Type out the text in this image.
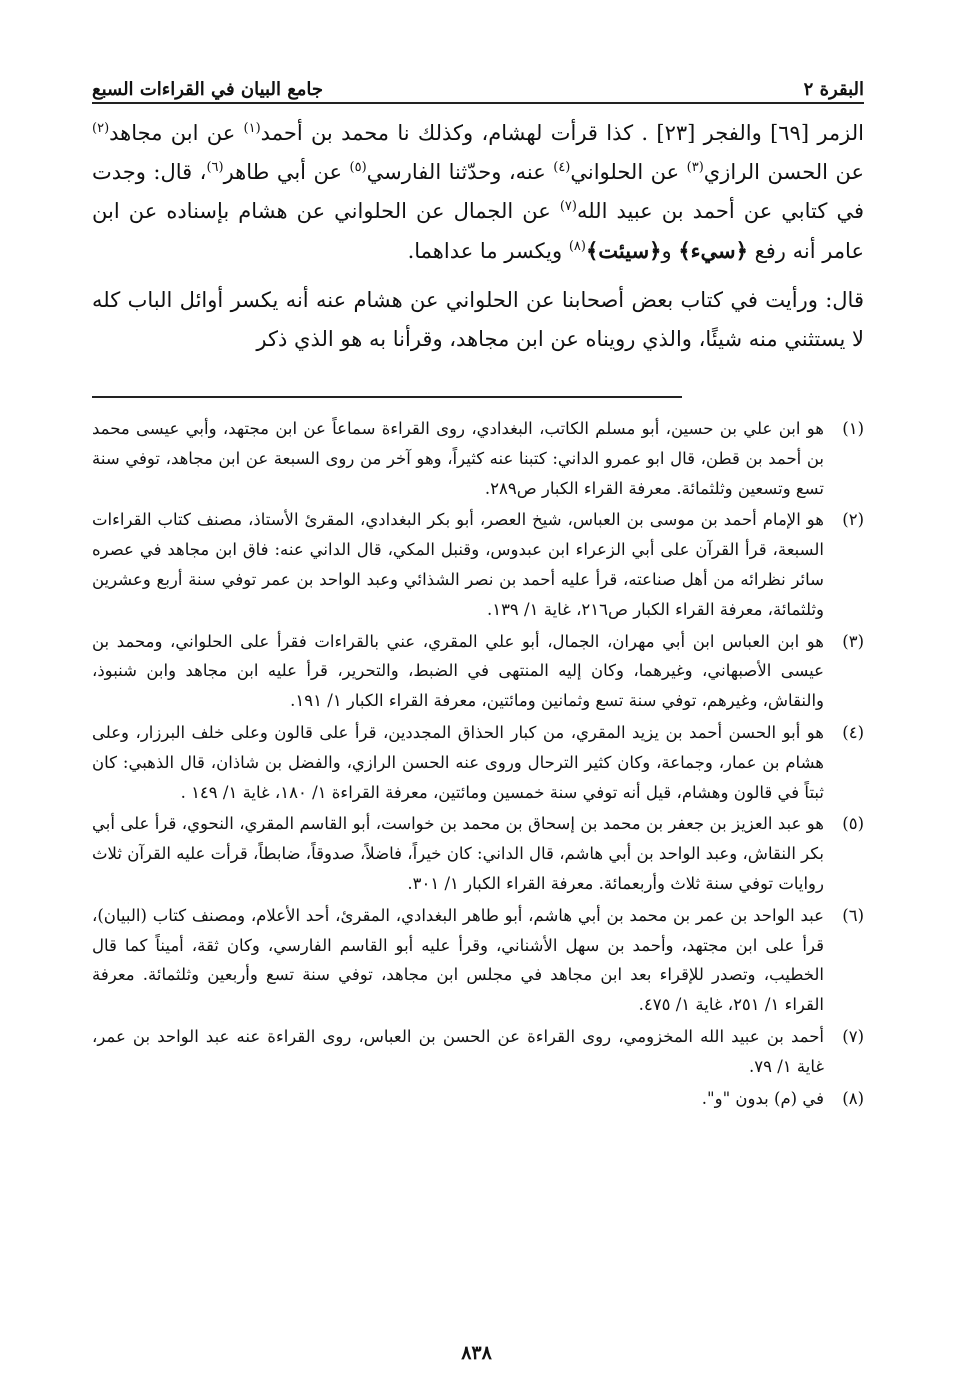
البقرة ٢
جامع البيان في القراءات السبع

الزمر [٦٩] والفجر [٢٣] . كذا قرأت لهشام، وكذلك نا محمد بن أحمد$^{(١)}$ عن ابن مجاهد$^{(٢)}$ عن الحسن الرازي$^{(٣)}$ عن الحلواني$^{(٤)}$ عنه، وحدّثنا الفارسي$^{(٥)}$ عن أبي طاهر$^{(٦)}$، قال: وجدت في كتابي عن أحمد بن عبيد الله$^{(٧)}$ عن الجمال عن الحلواني عن هشام بإسناده عن ابن عامر أنه رفع ﴿سيء﴾ و﴿سيئت﴾$^{(٨)}$ ويكسر ما عداهما.

قال: ورأيت في كتاب بعض أصحابنا عن الحلواني عن هشام عنه أنه يكسر أوائل الباب كله لا يستثني منه شيئًا، والذي رويناه عن ابن مجاهد، وقرأنا به هو الذي ذكر

(١)
هو ابن علي بن حسين، أبو مسلم الكاتب، البغدادي، روى القراءة سماعاً عن ابن مجتهد، وأبي عيسى محمد بن أحمد بن قطن، قال ابو عمرو الداني: كتبنا عنه كثيراً، وهو آخر من روى السبعة عن ابن مجاهد، توفي سنة تسع وتسعين وثلثمائة. معرفة القراء الكبار ص٢٨٩.
(٢)
هو الإمام أحمد بن موسى بن العباس، شيخ العصر، أبو بكر البغدادي، المقرئ الأستاذ، مصنف كتاب القراءات السبعة، قرأ القرآن على أبي الزعراء ابن عبدوس، وقنبل المكي، قال الداني عنه: فاق ابن مجاهد في عصره سائر نظرائه من أهل صناعته، قرأ عليه أحمد بن نصر الشذائي وعبد الواحد بن عمر توفي سنة أربع وعشرين وثلثمائة، معرفة القراء الكبار ص٢١٦، غاية ١/ ١٣٩.
(٣)
هو ابن العباس ابن أبي مهران، الجمال، أبو علي المقري، عني بالقراءات فقرأ على الحلواني، ومحمد بن عيسى الأصبهاني، وغيرهما، وكان إليه المنتهى في الضبط، والتحرير، قرأ عليه ابن مجاهد وابن شنبوذ، والنقاش، وغيرهم، توفي سنة تسع وثمانين ومائتين، معرفة القراء الكبار ١/ ١٩١.
(٤)
هو أبو الحسن أحمد بن يزيد المقري، من كبار الحذاق المجددين، قرأ على قالون وعلى خلف البرزار، وعلى هشام بن عمار، وجماعة، وكان كثير الترحال وروى عنه الحسن الرازي، والفضل بن شاذان، قال الذهبي: كان ثبتاً في قالون وهشام، قيل أنه توفي سنة خمسين ومائتين، معرفة القراءة ١/ ١٨٠، غاية ١/ ١٤٩ .
(٥)
هو عبد العزيز بن جعفر بن محمد بن إسحاق بن محمد بن خواست، أبو القاسم المقري، النحوي، قرأ على أبي بكر النقاش، وعبد الواحد بن أبي هاشم، قال الداني: كان خيراً، فاضلاً، صدوقاً، ضابطاً، قرأت عليه القرآن ثلاث روايات توفي سنة ثلاث وأربعمائة. معرفة القراء الكبار ١/ ٣٠١.
(٦)
عبد الواحد بن عمر بن محمد بن أبي هاشم، أبو طاهر البغدادي، المقرئ، أحد الأعلام، ومصنف كتاب (البيان)، قرأ على ابن مجتهد، وأحمد بن سهل الأشناني، وقرأ عليه أبو القاسم الفارسي، وكان ثقة، أميناً كما قال الخطيب، وتصدر للإقراء بعد ابن مجاهد في مجلس ابن مجاهد، توفي سنة تسع وأربعين وثلثمائة. معرفة القراء ١/ ٢٥١، غاية ١/ ٤٧٥.
(٧)
أحمد بن عبيد الله المخزومي، روى القراءة عن الحسن بن العباس، روى القراءة عنه عبد الواحد بن عمر، غاية ١/ ٧٩.
(٨)
في (م) بدون "و".
٨٣٨
